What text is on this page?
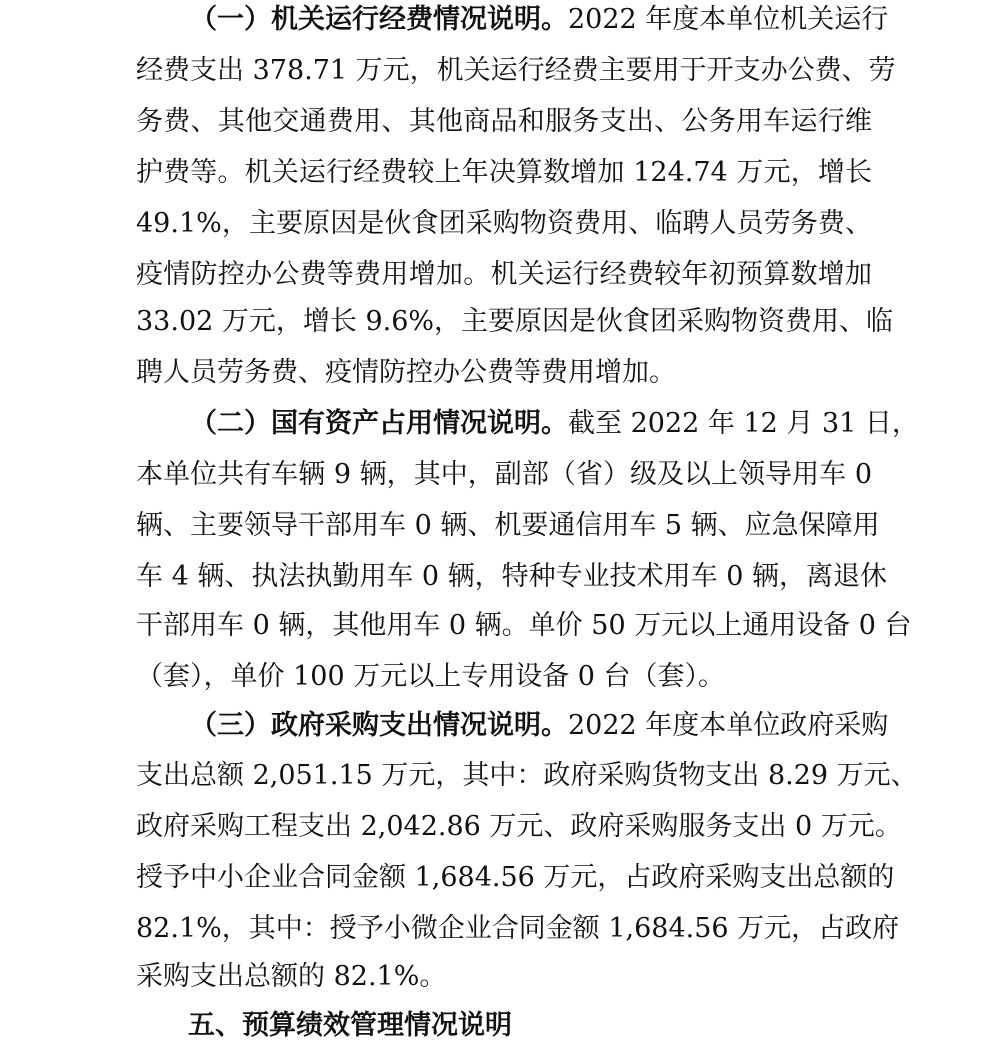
（一）机关运行经费情况说明。2022 年度本单位机关运行
经费支出 378.71 万元，机关运行经费主要用于开支办公费、劳
务费、其他交通费用、其他商品和服务支出、公务用车运行维
护费等。机关运行经费较上年决算数增加 124.74 万元，增长
49.1%，主要原因是伙食团采购物资费用、临聘人员劳务费、
疫情防控办公费等费用增加。机关运行经费较年初预算数增加
33.02 万元，增长 9.6%，主要原因是伙食团采购物资费用、临
聘人员劳务费、疫情防控办公费等费用增加。
（二）国有资产占用情况说明。截至 2022 年 12 月 31 日，
本单位共有车辆 9 辆，其中，副部（省）级及以上领导用车 0
辆、主要领导干部用车 0 辆、机要通信用车 5 辆、应急保障用
车 4 辆、执法执勤用车 0 辆，特种专业技术用车 0 辆，离退休
干部用车 0 辆，其他用车 0 辆。单价 50 万元以上通用设备 0 台
（套），单价 100 万元以上专用设备 0 台（套）。
（三）政府采购支出情况说明。2022 年度本单位政府采购
支出总额 2,051.15 万元，其中：政府采购货物支出 8.29 万元、
政府采购工程支出 2,042.86 万元、政府采购服务支出 0 万元。
授予中小企业合同金额 1,684.56 万元，占政府采购支出总额的
82.1%，其中：授予小微企业合同金额 1,684.56 万元，占政府
采购支出总额的 82.1%。
五、预算绩效管理情况说明
